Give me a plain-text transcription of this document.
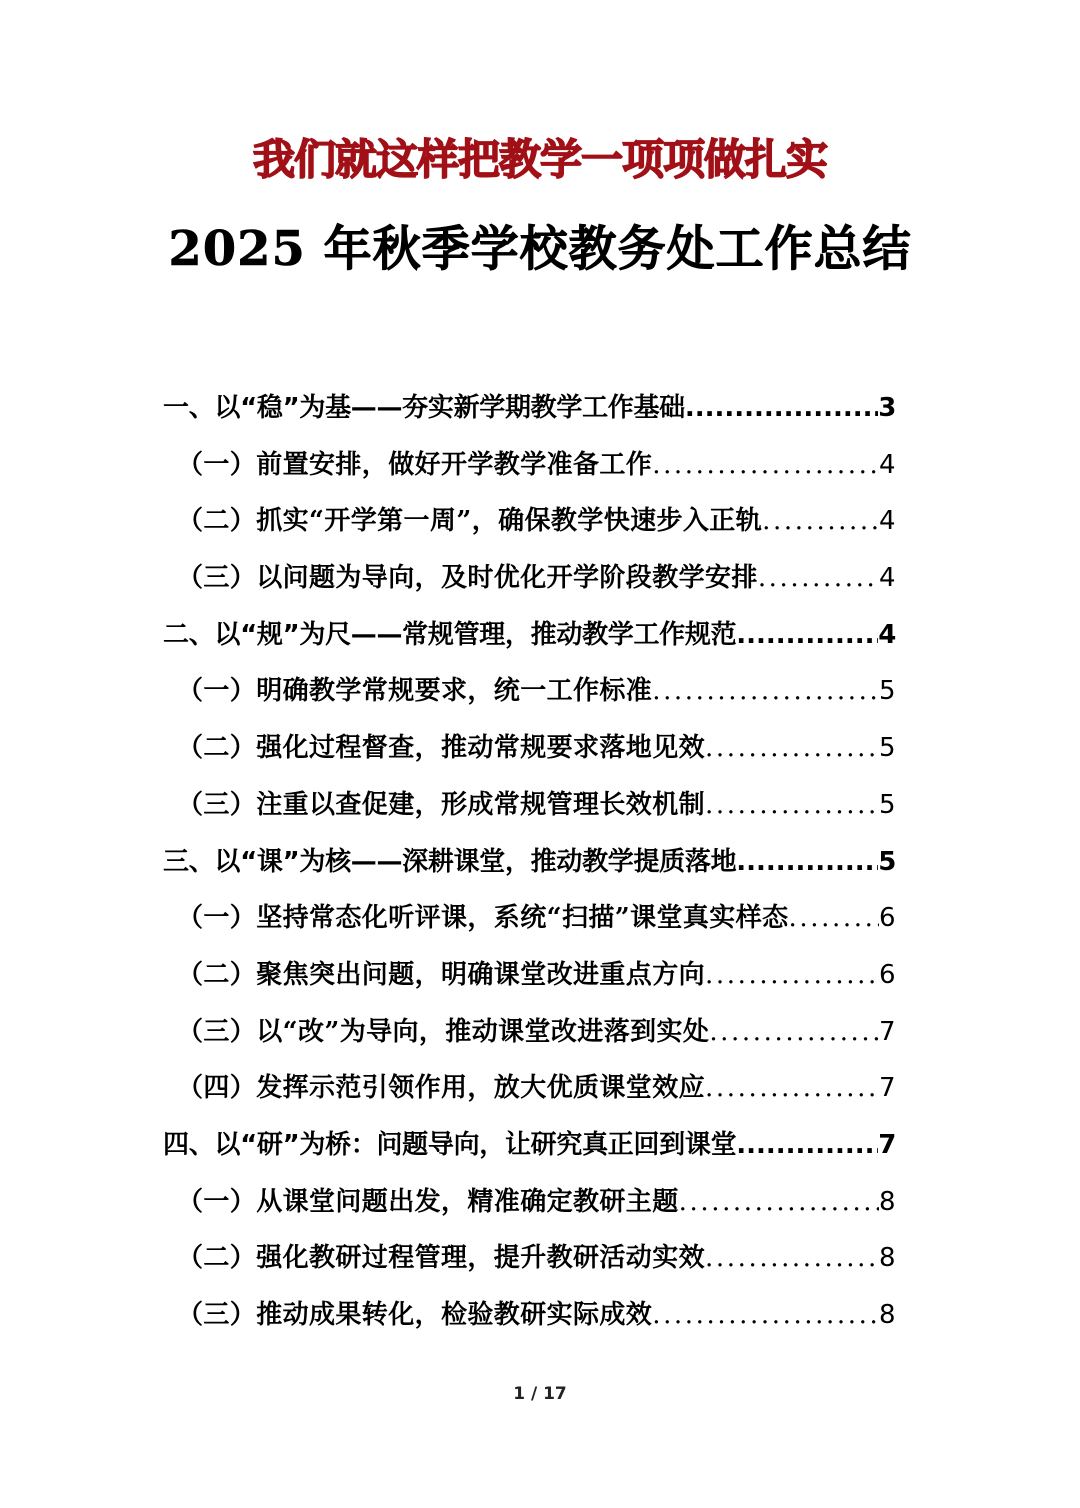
我们就这样把教学一项项做扎实
2025 年秋季学校教务处工作总结
一、以“稳”为基——夯实新学期教学工作基础 .....	3
（一）前置安排，做好开学教学准备工作 .....	4
（二）抓实“开学第一周”，确保教学快速步入正轨 .....	4
（三）以问题为导向，及时优化开学阶段教学安排 .....	4
二、以“规”为尺——常规管理，推动教学工作规范 .....	4
（一）明确教学常规要求，统一工作标准 .....	5
（二）强化过程督查，推动常规要求落地见效 .....	5
（三）注重以查促建，形成常规管理长效机制 .....	5
三、以“课”为核——深耕课堂，推动教学提质落地 .....	5
（一）坚持常态化听评课，系统“扫描”课堂真实样态 .....	6
（二）聚焦突出问题，明确课堂改进重点方向 .....	6
（三）以“改”为导向，推动课堂改进落到实处 .....	7
（四）发挥示范引领作用，放大优质课堂效应 .....	7
四、以“研”为桥：问题导向，让研究真正回到课堂 .....	7
（一）从课堂问题出发，精准确定教研主题 .....	8
（二）强化教研过程管理，提升教研活动实效 .....	8
（三）推动成果转化，检验教研实际成效 .....	8
1 / 17
